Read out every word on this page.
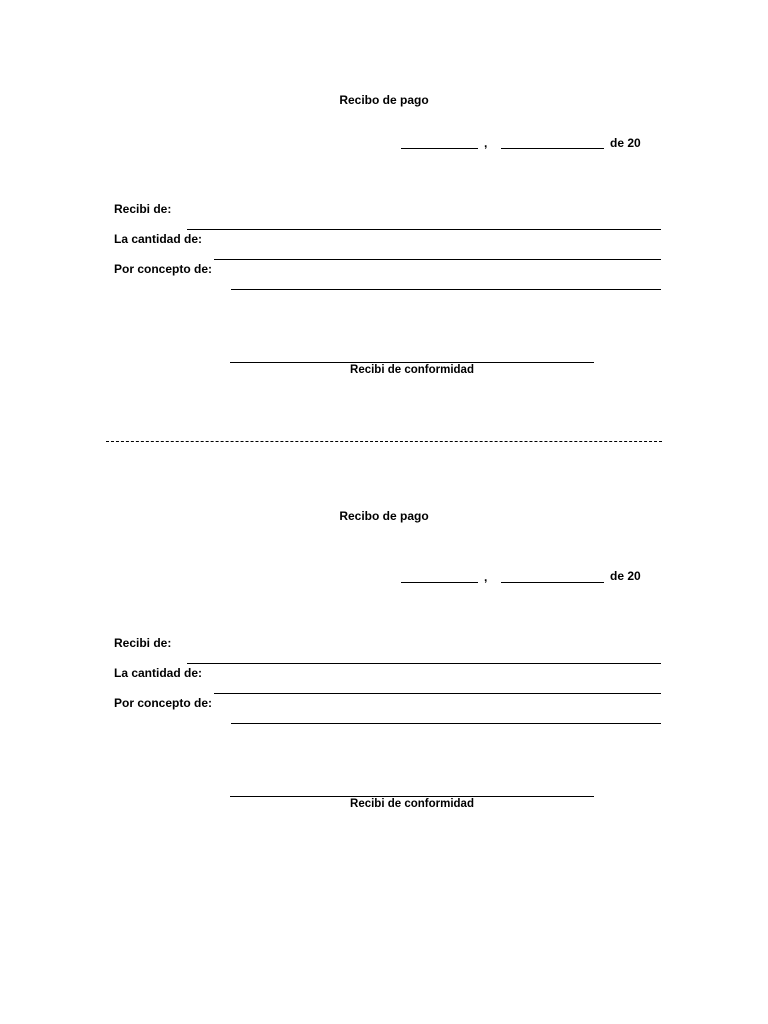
Recibo de pago
,	de 20
Recibi de:
La cantidad de:
Por concepto de:
Recibi de conformidad
Recibo de pago
,	de 20
Recibi de:
La cantidad de:
Por concepto de:
Recibi de conformidad
